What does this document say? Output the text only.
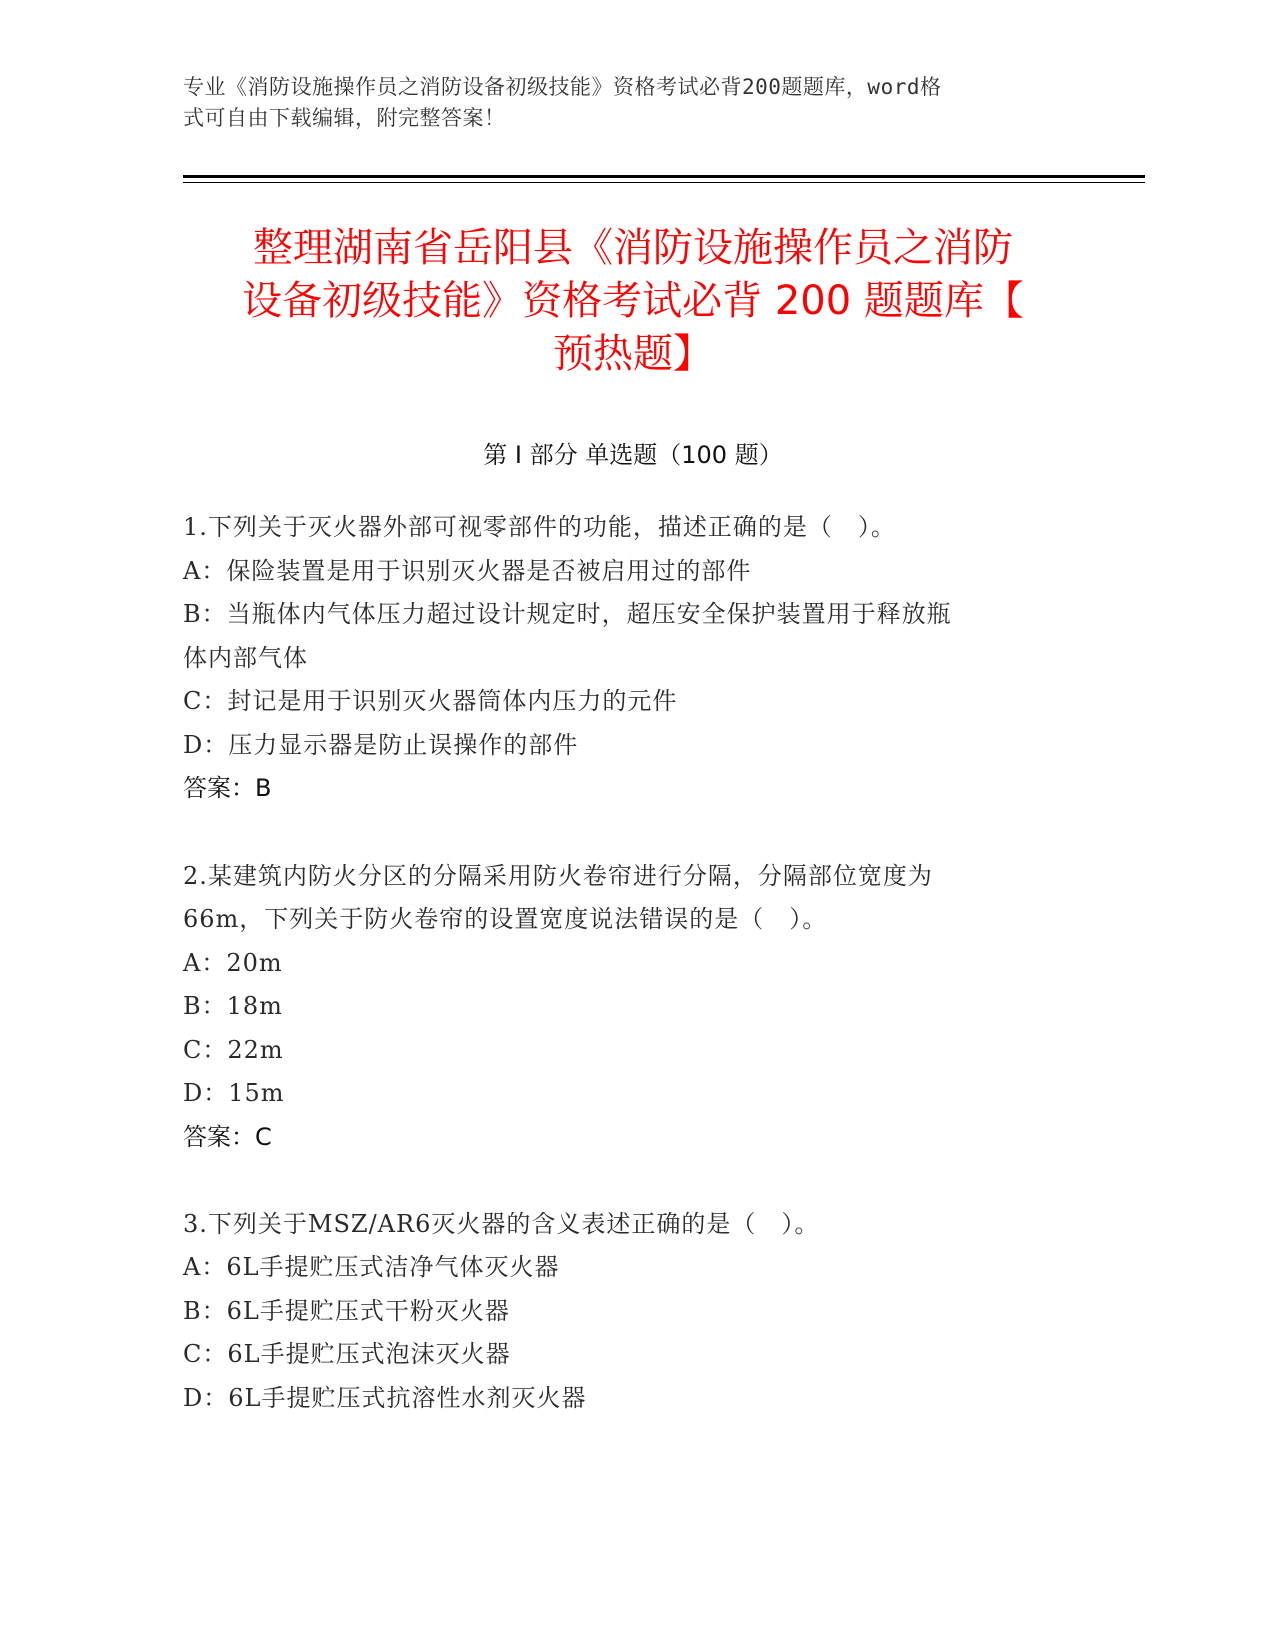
专业《消防设施操作员之消防设备初级技能》资格考试必背200题题库，word格
式可自由下载编辑，附完整答案！
整理湖南省岳阳县《消防设施操作员之消防
设备初级技能》资格考试必背 200 题题库【
预热题】
第 I 部分 单选题（100 题）
1.下列关于灭火器外部可视零部件的功能，描述正确的是（　）。
A：保险装置是用于识别灭火器是否被启用过的部件
B：当瓶体内气体压力超过设计规定时，超压安全保护装置用于释放瓶
体内部气体
C：封记是用于识别灭火器筒体内压力的元件
D：压力显示器是防止误操作的部件
答案：B
2.某建筑内防火分区的分隔采用防火卷帘进行分隔，分隔部位宽度为
66m，下列关于防火卷帘的设置宽度说法错误的是（　）。
A：20m
B：18m
C：22m
D：15m
答案：C
3.下列关于MSZ/AR6灭火器的含义表述正确的是（　）。
A：6L手提贮压式洁净气体灭火器
B：6L手提贮压式干粉灭火器
C：6L手提贮压式泡沫灭火器
D：6L手提贮压式抗溶性水剂灭火器
